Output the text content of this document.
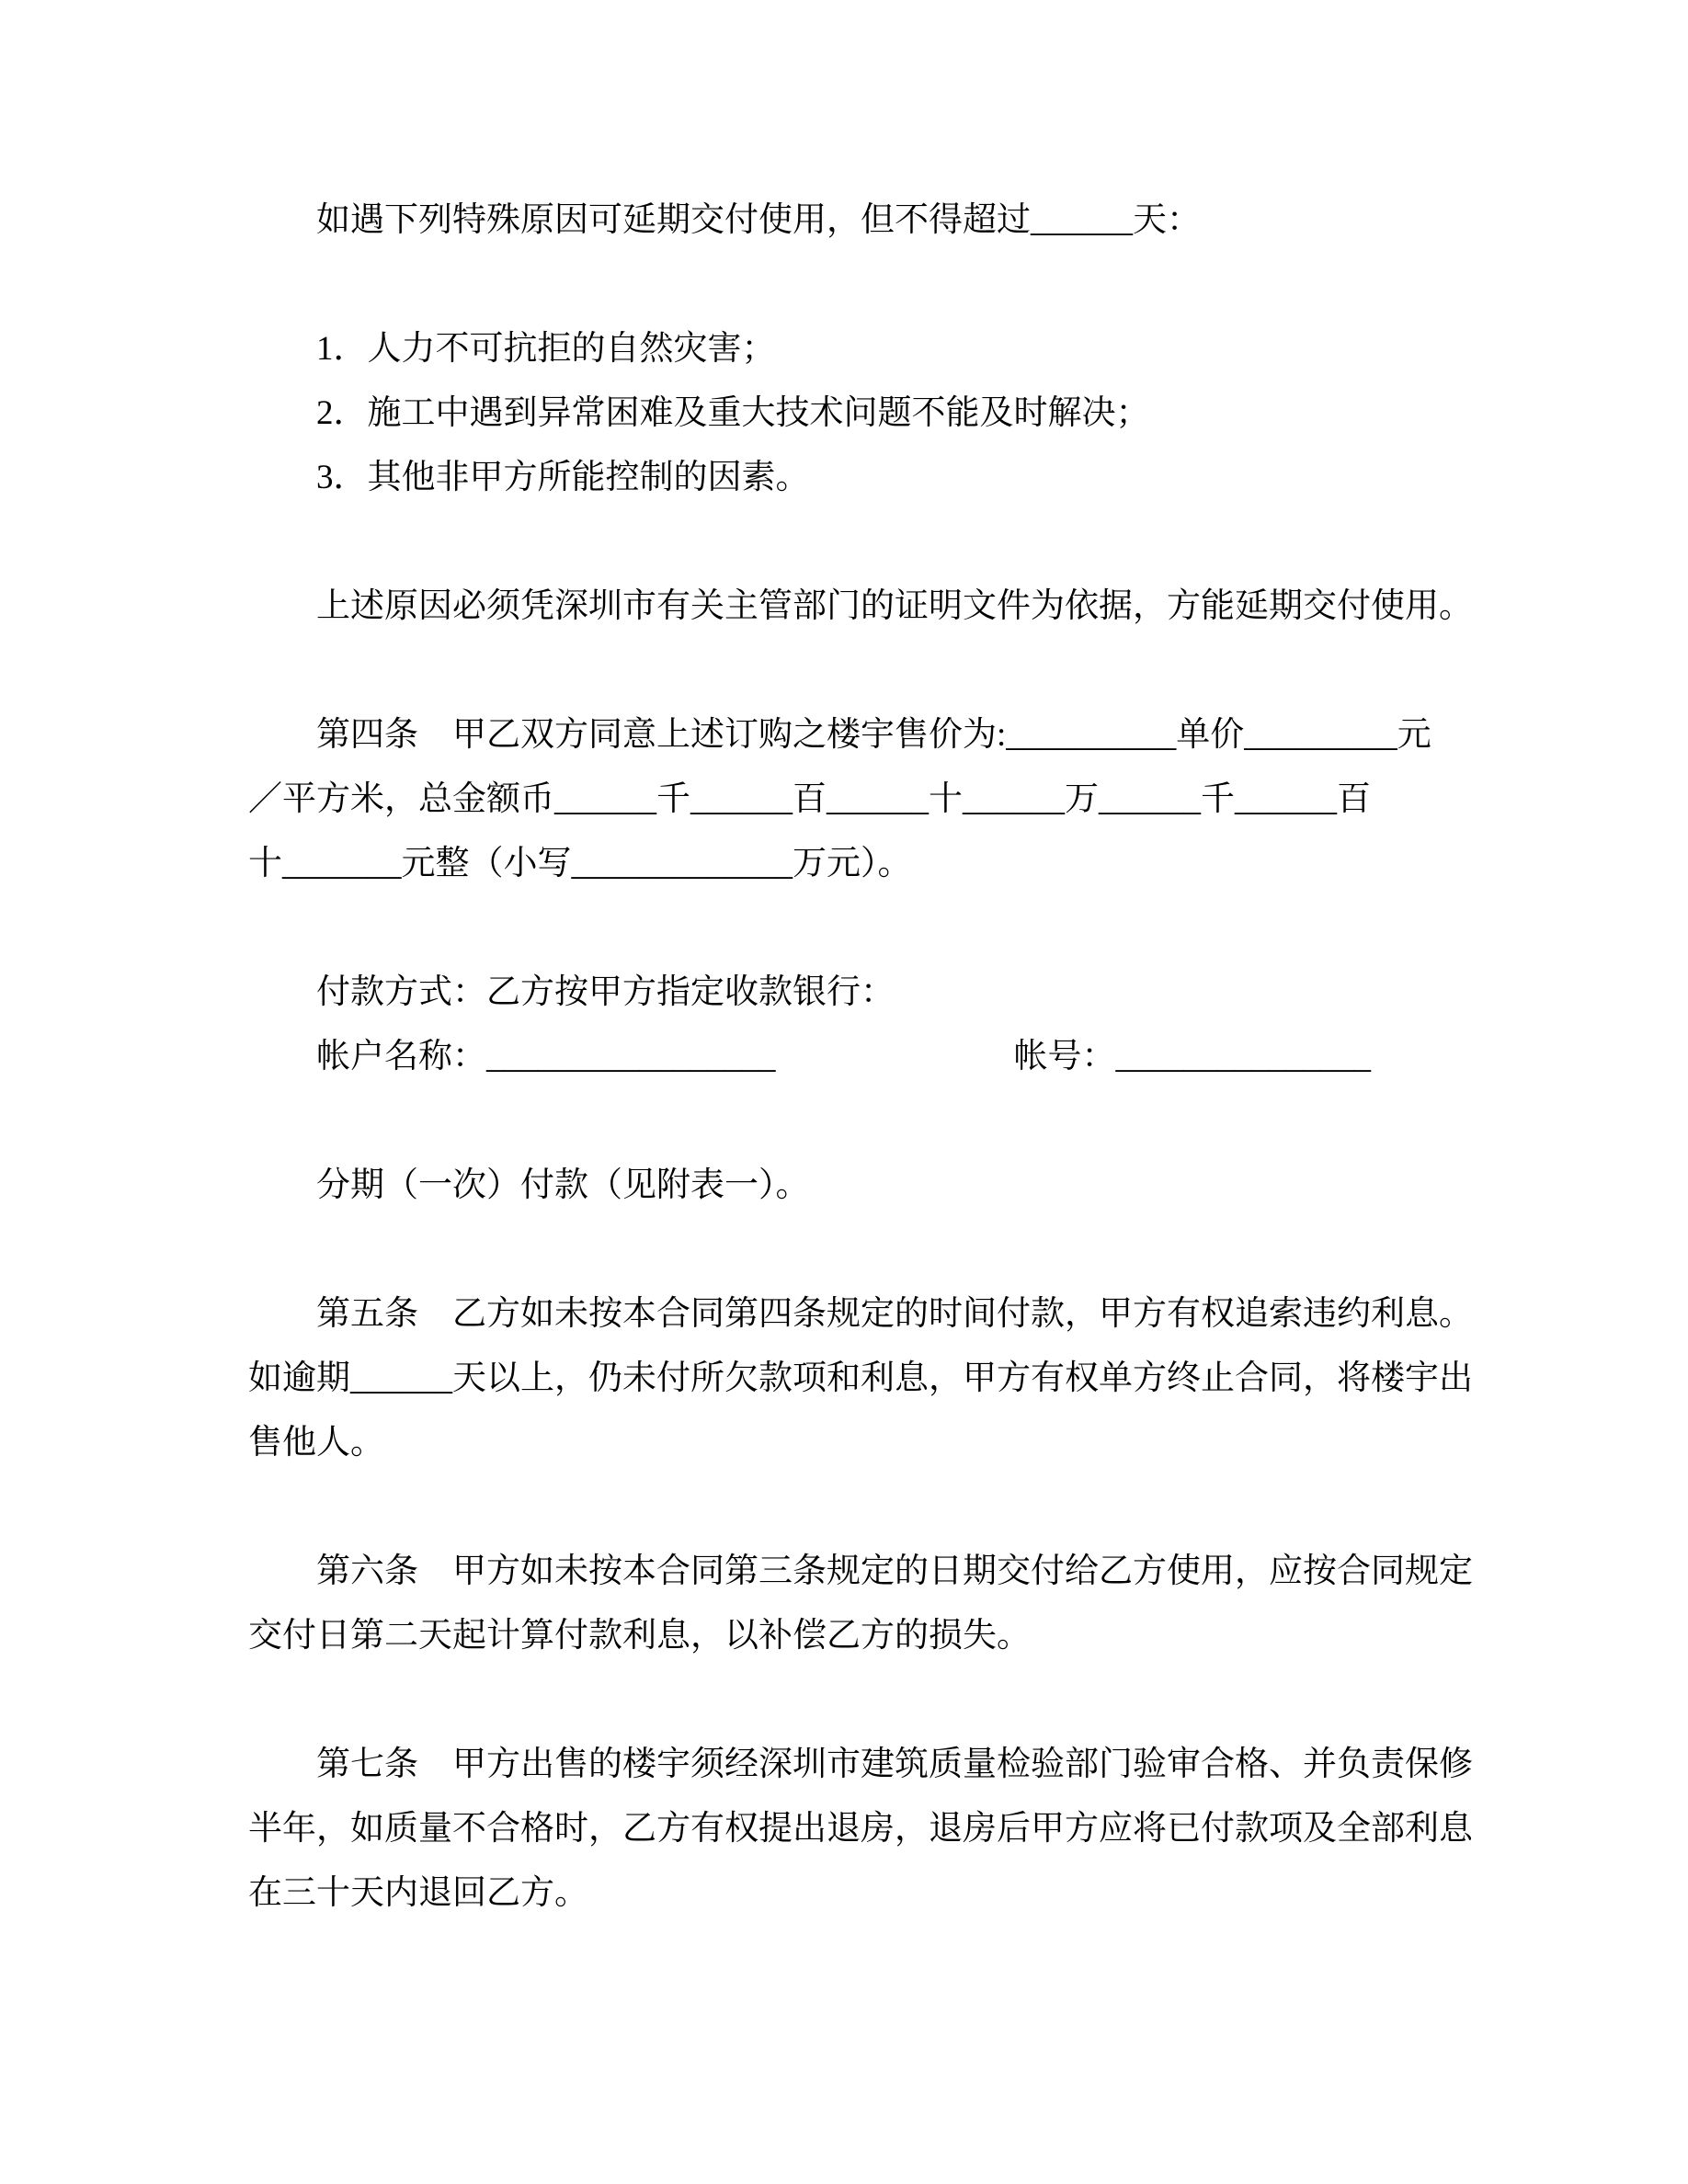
如遇下列特殊原因可延期交付使用，但不得超过______天：
1．人力不可抗拒的自然灾害；
2．施工中遇到异常困难及重大技术问题不能及时解决；
3．其他非甲方所能控制的因素。
上述原因必须凭深圳市有关主管部门的证明文件为依据，方能延期交付使用。
第四条　甲乙双方同意上述订购之楼宇售价为:__________单价_________元
／平方米，总金额币______千______百______十______万______千______百
十_______元整（小写_____________万元）。
付款方式：乙方按甲方指定收款银行：
帐户名称：_________________　　　　　　　帐号：_______________
分期（一次）付款（见附表一）。
第五条　乙方如未按本合同第四条规定的时间付款，甲方有权追索违约利息。
如逾期______天以上，仍未付所欠款项和利息，甲方有权单方终止合同，将楼宇出
售他人。
第六条　甲方如未按本合同第三条规定的日期交付给乙方使用，应按合同规定
交付日第二天起计算付款利息，以补偿乙方的损失。
第七条　甲方出售的楼宇须经深圳市建筑质量检验部门验审合格、并负责保修
半年，如质量不合格时，乙方有权提出退房，退房后甲方应将已付款项及全部利息
在三十天内退回乙方。
